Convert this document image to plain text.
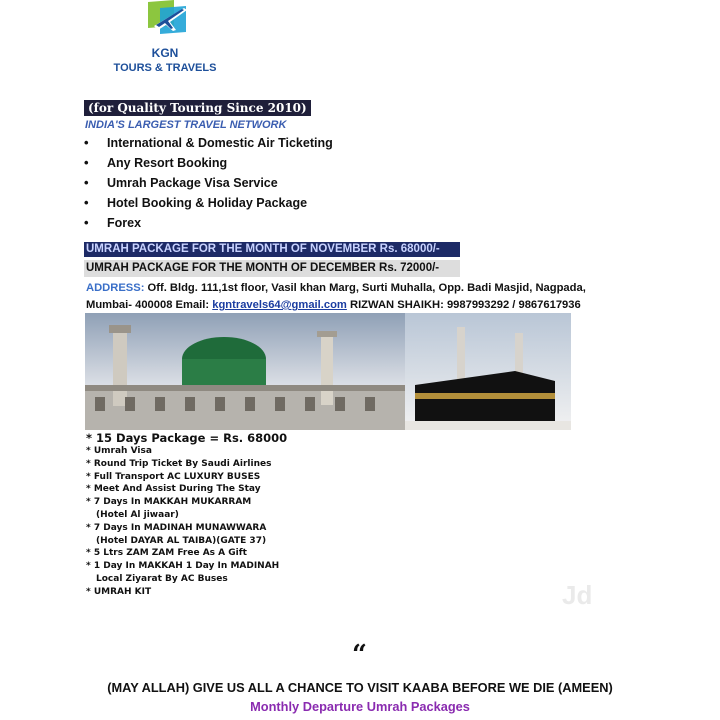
KGN
TOURS & TRAVELS
(for Quality Touring Since 2010)
INDIA'S LARGEST TRAVEL NETWORK
• International & Domestic Air Ticketing
• Any Resort Booking
• Umrah Package Visa Service
• Hotel Booking & Holiday Package
• Forex
UMRAH PACKAGE FOR THE MONTH OF NOVEMBER Rs. 68000/-
UMRAH PACKAGE FOR THE MONTH OF DECEMBER Rs. 72000/-
ADDRESS: Off. Bldg. 111,1st floor, Vasil khan Marg, Surti Muhalla, Opp. Badi Masjid, Nagpada,
Mumbai- 400008 Email: kgntravels64@gmail.com RIZWAN SHAIKH: 9987993292 / 9867617936
* 15 Days Package = Rs. 68000
* Umrah Visa
* Round Trip Ticket By Saudi Airlines
* Full Transport AC LUXURY BUSES
* Meet And Assist During The Stay
* 7 Days In MAKKAH MUKARRAM
(Hotel Al jiwaar)
* 7 Days In MADINAH MUNAWWARA
(Hotel DAYAR AL TAIBA)(GATE 37)
* 5 Ltrs ZAM ZAM Free As A Gift
* 1 Day In MAKKAH 1 Day In MADINAH
Local Ziyarat By AC Buses
* UMRAH KIT	Jd
“
(MAY ALLAH) GIVE US ALL A CHANCE TO VISIT KAABA BEFORE WE DIE (AMEEN)
Monthly Departure Umrah Packages
